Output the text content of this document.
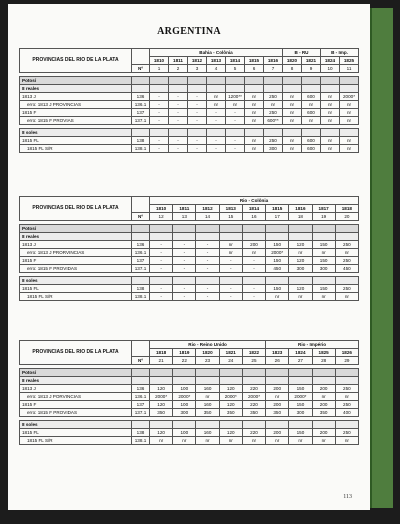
ARGENTINA
PROVINCIAS DEL RIO DE LA PLATA		Bahia - Colônia							B - RU		B - Imp.	
		1810	1811	1812	1813	1814	1815	1816	1820	1821	1824	1825
	Nº	1	2	3	4	5	6	7	8	9	10	11

Potosí												
8 reales												
1813 J	136	-	-	-	nr	1200**	nr	250	nr	600	nr	2000*
erro: 1813 J PROVINCIAS	136.1	-	-	-	nr	nr	nr	nr	nr	nr	nr	nr
1815 F	137	-	-	-	-	-	nr	250	nr	600	nr	nr
erro: 1815 F PROVIAS	137.1	-	-	-	-	-	nr	600**	nr	nr	nr	nr

8 soles												
1815 FL	138	-	-	-	-	-	nr	250	nr	600	nr	nr
1815 FL S/R	138.1	-	-	-	-	-	nr	300	nr	600	nr	nr
PROVINCIAS DEL RIO DE LA PLATA		Rio - Colônia								
		1810	1811	1812	1813	1814	1815	1816	1817	1818
	Nº	12	13	14	15	16	17	18	19	20

Potosí										
8 reales										
1813 J	136	-	-	-	nr	200	150	120	150	250
erro: 1813 J PRORVINCIAS	136.1	-	-	-	nr	nr	2000*	nr	nr	nr
1815 F	137	-	-	-	-	-	150	120	150	250
erro: 1815 F PROVIDAS	137.1	-	-	-	-	-	450	300	300	450

8 soles										
1815 FL	138	-	-	-	-	-	150	120	150	250
1815 FL S/R	138.1	-	-	-	-	-	nr	nr	nr	nr
PROVINCIAS DEL RIO DE LA PLATA		Rio - Reino Unido					Rio - Império			
		1818	1819	1820	1821	1822	1823	1824	1825	1826
	Nº	21	22	23	24	25	26	27	28	29

Potosí										
8 reales										
1813 J	136	120	100	160	120	220	200	150	200	250
erro: 1813 J PORVINCIAS	136.1	2000*	2000*	nr	2000*	2000*	nr	2000*	nr	nr
1815 F	137	120	100	160	120	220	200	150	200	250
erro: 1815 F PROVIDAS	137.1	350	300	350	350	350	350	300	350	400

8 soles										
1815 FL	138	120	100	160	120	220	200	150	200	250
1815 FL S/R	138.1	nr	nr	nr	nr	nr	nr	nr	nr	nr
113
